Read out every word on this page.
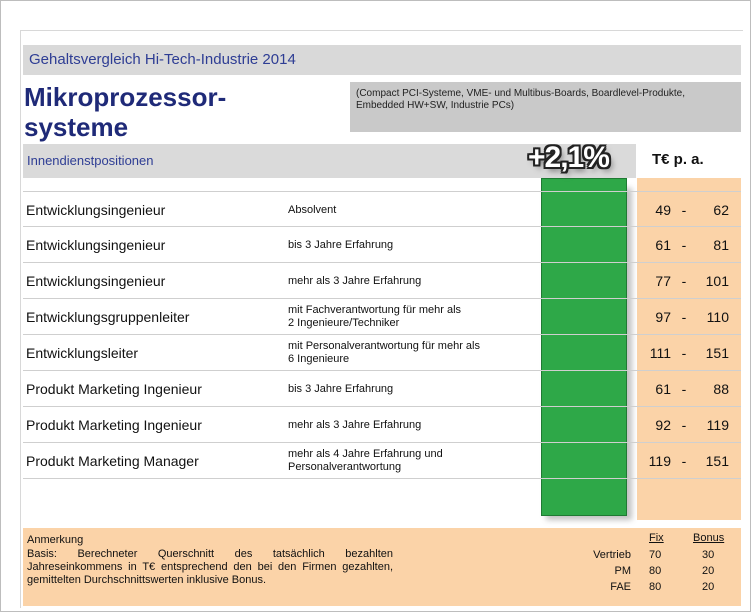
Gehaltsvergleich Hi-Tech-Industrie 2014
Mikroprozessor-
systeme
(Compact PCI-Systeme, VME- und Multibus-Boards, Boardlevel-Produkte,
Embedded HW+SW, Industrie PCs)
Innendienstpositionen	+2,1%	T€ p. a.
Entwicklungsingenieur	Absolvent	49 -	62
Entwicklungsingenieur	bis 3 Jahre Erfahrung	61 -	81
Entwicklungsingenieur	mehr als 3 Jahre Erfahrung	77 -	101
Entwicklungsgruppenleiter	mit Fachverantwortung für mehr als
2 Ingenieure/Techniker	97 -	110
Entwicklungsleiter	mit Personalverantwortung für mehr als
6 Ingenieure	111 -	151
Produkt Marketing Ingenieur	bis 3 Jahre Erfahrung	61 -	88
Produkt Marketing Ingenieur	mehr als 3 Jahre Erfahrung	92 -	119
Produkt Marketing Manager	mehr als 4 Jahre Erfahrung und
Personalverantwortung	119 -	151
Anmerkung
Basis: Berechneter Querschnitt des tatsächlich bezahlten Jahreseinkommens in T€ entsprechend den bei den Firmen gezahlten, gemittelten Durchschnittswerten inklusive Bonus.
Fix	Bonus
Vertrieb 70	30
PM 80	20
FAE 80	20
